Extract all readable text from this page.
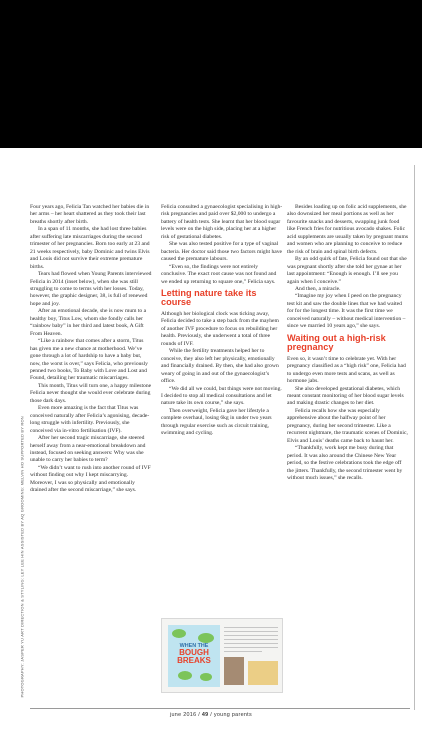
PHOTOGRAPHY: JASPER YU ART DIRECTION & STYLING: LEY LEE HIN ASSISTED BY AQ GROOMING: MELVIN HO SUPPORTED BY RON

Four years ago, Felicia Tan watched her babies die in her arms – her heart shattered as they took their last breaths shortly after birth.

In a span of 11 months, she had lost three babies after suffering late miscarriages during the second trimester of her pregnancies. Born too early at 23 and 21 weeks respectively, baby Dominic and twins Elvis and Louis did not survive their extreme premature births.

Tears had flowed when Young Parents interviewed Felicia in 2014 (inset below), when she was still struggling to come to terms with her losses. Today, however, the graphic designer, 38, is full of renewed hope and joy.

After an emotional decade, she is now mum to a healthy boy, Titus Low, whom she fondly calls her “rainbow baby” in her third and latest book, A Gift From Heaven.

“Like a rainbow that comes after a storm, Titus has given me a new chance at motherhood. We’ve gone through a lot of hardship to have a baby but, now, the worst is over,” says Felicia, who previously penned two books, To Baby with Love and Lost and Found, detailing her traumatic miscarriages.

This month, Titus will turn one, a happy milestone Felicia never thought she would ever celebrate during those dark days.

Even more amazing is the fact that Titus was conceived naturally after Felicia’s agonising, decade-long struggle with infertility. Previously, she conceived via in-vitro fertilisation (IVF).

After her second tragic miscarriage, she steered herself away from a near-emotional breakdown and instead, focused on seeking answers: Why was she unable to carry her babies to term?

“We didn’t want to rush into another round of IVF without finding out why I kept miscarrying. Moreover, I was so physically and emotionally drained after the second miscarriage,” she says.

Felicia consulted a gynaecologist specialising in high-risk pregnancies and paid over $2,000 to undergo a battery of health tests. She learnt that her blood sugar levels were on the high side, placing her at a higher risk of gestational diabetes.

She was also tested positive for a type of vaginal bacteria. Her doctor said those two factors might have caused the premature labours.

“Even so, the findings were not entirely conclusive. The exact root cause was not found and we ended up returning to square one,” Felicia says.

Letting nature take its course

Although her biological clock was ticking away, Felicia decided to take a step back from the mayhem of another IVF procedure to focus on rebuilding her health. Previously, she underwent a total of three rounds of IVF.

While the fertility treatments helped her to conceive, they also left her physically, emotionally and financially drained. By then, she had also grown weary of going in and out of the gynaecologist’s office.

“We did all we could, but things were not moving. I decided to stop all medical consultations and let nature take its own course,” she says.

Then overweight, Felicia gave her lifestyle a complete overhaul, losing 6kg in under two years through regular exercise such as circuit training, swimming and cycling.

Besides loading up on folic acid supplements, she also downsized her meal portions as well as her favourite snacks and desserts, swapping junk food like French fries for nutritious avocado shakes. Folic acid supplements are usually taken by pregnant mums and women who are planning to conceive to reduce the risk of brain and spinal birth defects.

By an odd quirk of fate, Felicia found out that she was pregnant shortly after she told her gynae at her last appointment: “Enough is enough. I’ll see you again when I conceive.”

And then, a miracle.

“Imagine my joy when I peed on the pregnancy test kit and saw the double lines that we had waited for for the longest time. It was the first time we conceived naturally – without medical intervention – since we married 10 years ago,” she says.

Waiting out a high-risk pregnancy

Even so, it wasn’t time to celebrate yet. With her pregnancy classified as a “high risk” one, Felicia had to undergo even more tests and scans, as well as hormone jabs.

She also developed gestational diabetes, which meant constant monitoring of her blood sugar levels and making drastic changes to her diet.

Felicia recalls how she was especially apprehensive about the halfway point of her pregnancy, during her second trimester. Like a recurrent nightmare, the traumatic scenes of Dominic, Elvis and Louis’ deaths came back to haunt her.

“Thankfully, work kept me busy during that period. It was also around the Chinese New Year period, so the festive celebrations took the edge off the jitters. Thankfully, the second trimester went by without much issues,” she recalls.

WHEN THE
BOUGH
BREAKS
june 2016 / 49 / young parents
